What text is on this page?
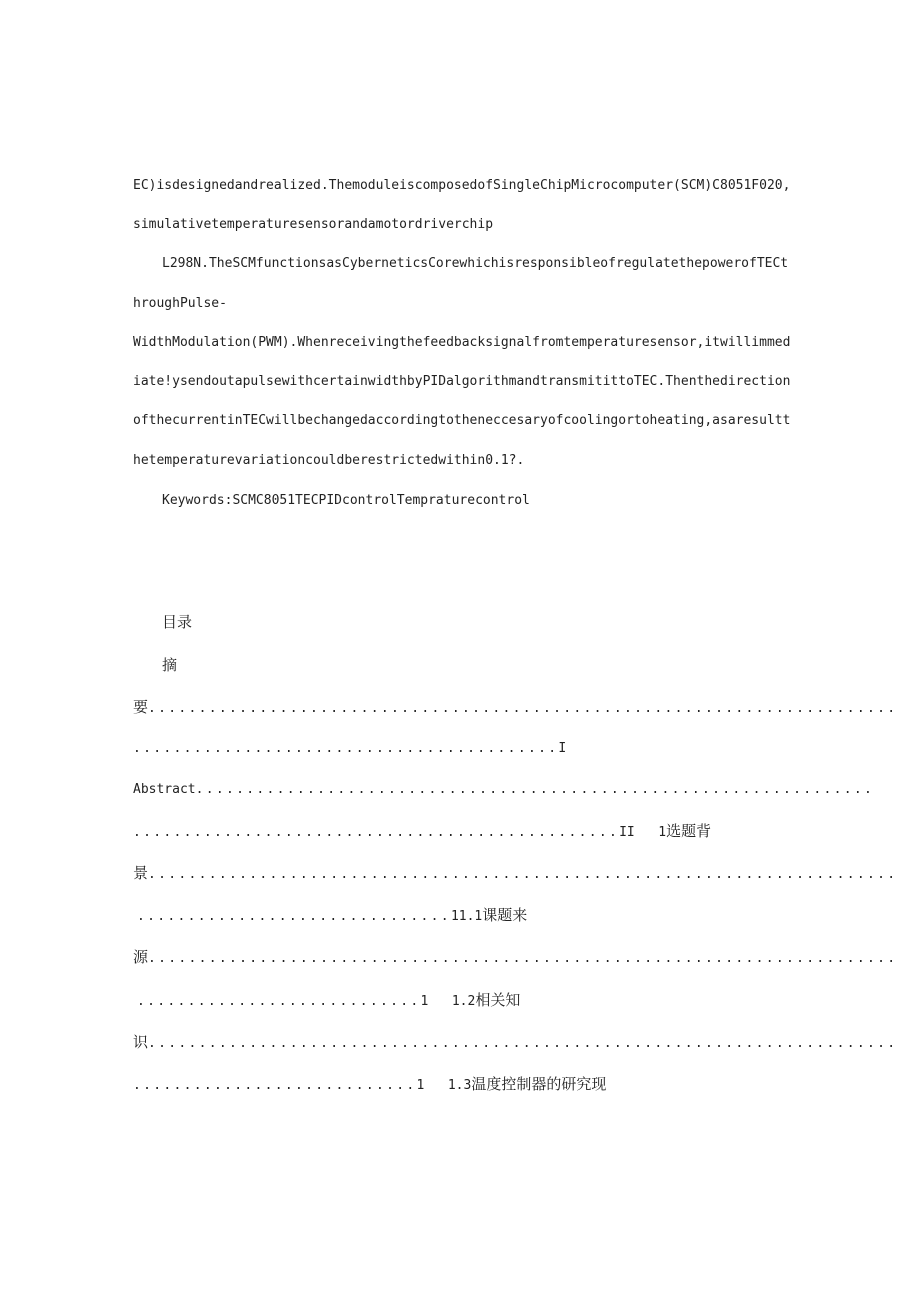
EC)isdesignedandrealized.ThemoduleiscomposedofSingleChipMicrocomputer(SCM)C8051F020,

simulativetemperaturesensorandamotordriverchip

L298N.TheSCMfunctionsasCyberneticsCorewhichisresponsibleofregulatethepowerofTECt

hroughPulse-

WidthModulation(PWM).Whenreceivingthefeedbacksignalfromtemperaturesensor,itwillimmed

iate!ysendoutapulsewithcertainwidthbyPIDalgorithmandtransmitittoTEC.Thenthedirection

ofthecurrentinTECwillbechangedaccordingtotheneccesaryofcoolingortoheating,asaresultt

hetemperaturevariationcouldberestrictedwithin0.1?.

Keywords:SCMC8051TECPIDcontrolTempraturecontrol

目录

摘

要..........................................................................

..........................................I

Abstract...................................................................

................................................II 1选题背

景..........................................................................

...............................11.1课题来

源..........................................................................

............................1 1.2相关知

识..........................................................................

............................1 1.3温度控制器的研究现
